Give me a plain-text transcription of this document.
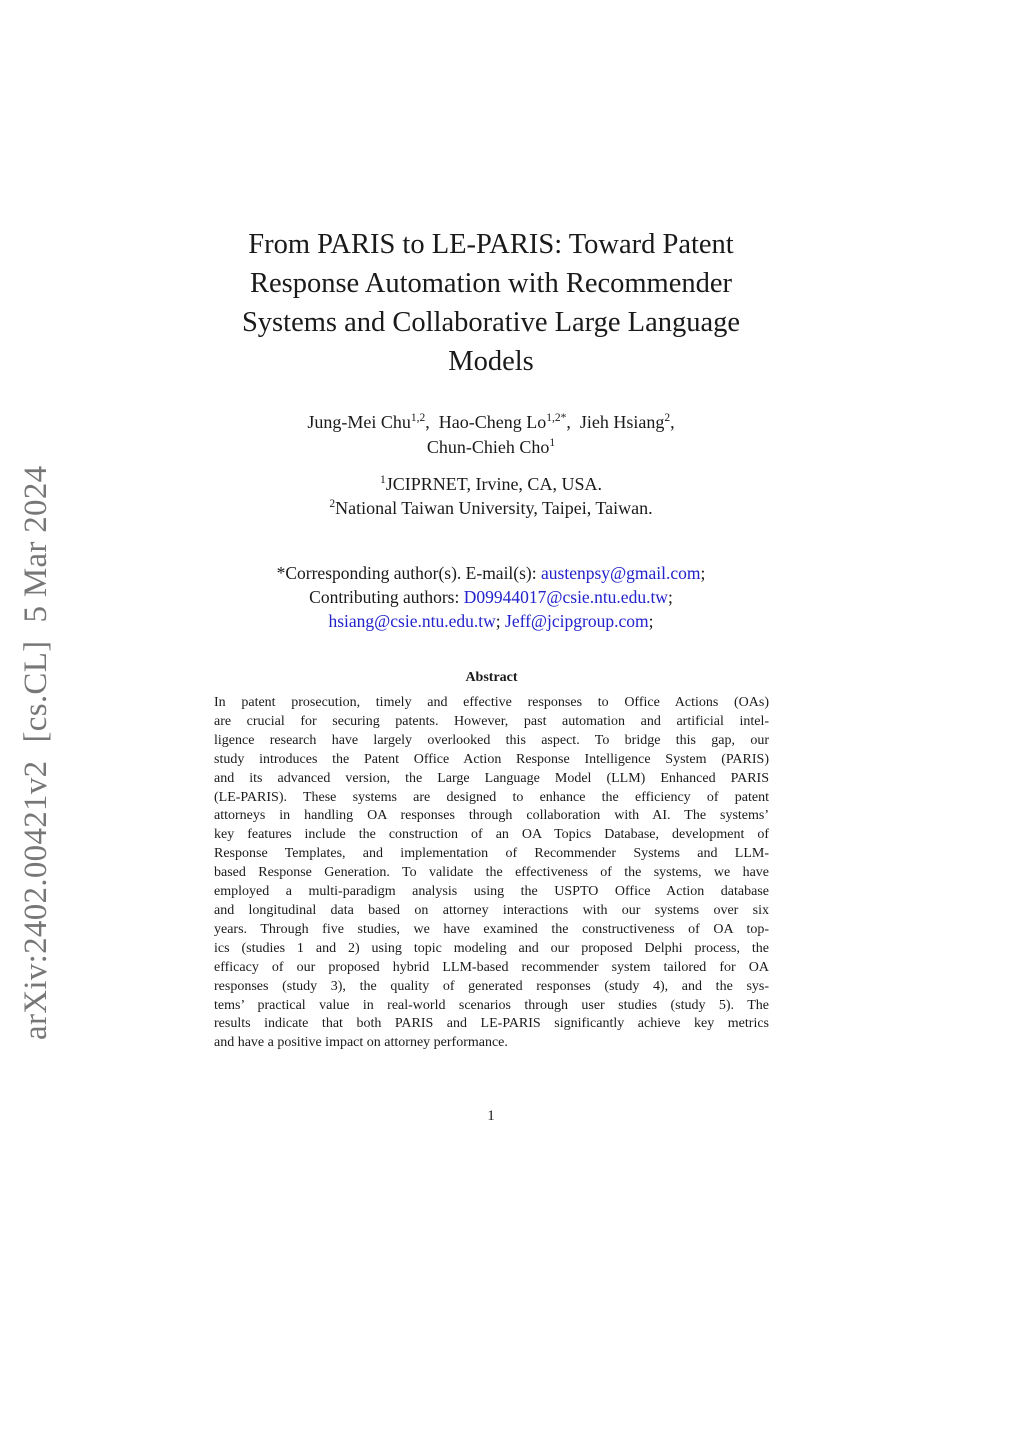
arXiv:2402.00421v2[cs.CL]5 Mar 2024
From PARIS to LE-PARIS: Toward Patent
Response Automation with Recommender
Systems and Collaborative Large Language
Models
Jung-Mei Chu$^{1,2}$,  Hao-Cheng $Lo^{1,2*}$,  Jieh Hsiang$^2$,
Chun-Chieh Cho$^1$
$^1$JCIPRNET, Irvine, CA, USA.
$^2$National Taiwan University, Taipei, Taiwan.
*Corresponding author(s). E-mail(s): austenpsy@gmail.com;
Contributing authors: D09944017@csie.ntu.edu.tw;
hsiang@csie.ntu.edu.tw; Jeff@jcipgroup.com;
Abstract
In patent prosecution, timely and effective responses to Office Actions (OAs)
are crucial for securing patents. However, past automation and artificial intel-
ligence research have largely overlooked this aspect. To bridge this gap, our
study introduces the Patent Office Action Response Intelligence System (PARIS)
and its advanced version, the Large Language Model (LLM) Enhanced PARIS
(LE-PARIS). These systems are designed to enhance the efficiency of patent
attorneys in handling OA responses through collaboration with AI. The systems’
key features include the construction of an OA Topics Database, development of
Response Templates, and implementation of Recommender Systems and LLM-
based Response Generation. To validate the effectiveness of the systems, we have
employed a multi-paradigm analysis using the USPTO Office Action database
and longitudinal data based on attorney interactions with our systems over six
years. Through five studies, we have examined the constructiveness of OA top-
ics (studies 1 and 2) using topic modeling and our proposed Delphi process, the
efficacy of our proposed hybrid LLM-based recommender system tailored for OA
responses (study 3), the quality of generated responses (study 4), and the sys-
tems’ practical value in real-world scenarios through user studies (study 5). The
results indicate that both PARIS and LE-PARIS significantly achieve key metrics
and have a positive impact on attorney performance.
1
